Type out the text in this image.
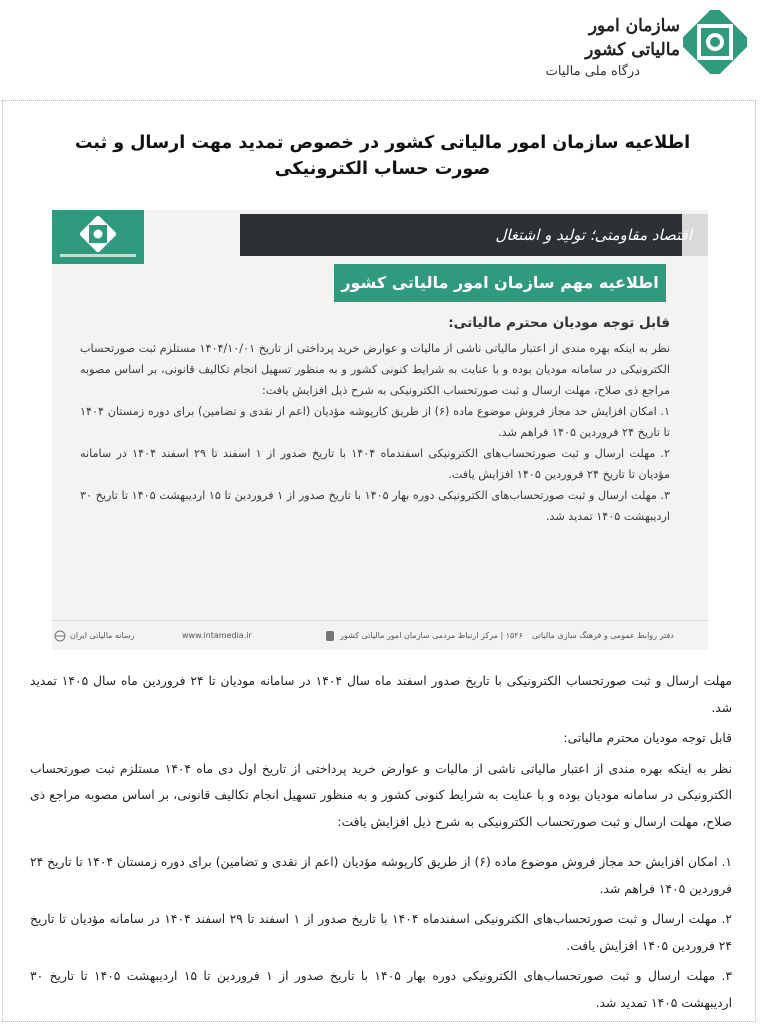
سازمان امور مالیاتی کشور
درگاه ملی مالیات
اطلاعیه سازمان امور مالیاتی کشور در خصوص تمدید مهت ارسال و ثبت صورت حساب الکترونیکی
اقتصاد مقاومتی؛ تولید و اشتغال
اطلاعیه مهم سازمان امور مالیاتی کشور
قابل توجه مودیان محترم مالیاتی:

نظر به اینکه بهره مندی از اعتبار مالیاتی ناشی از مالیات و عوارض خرید پرداختی از تاریخ ۱۴۰۴/۱۰/۰۱ مستلزم ثبت صورتحساب الکترونیکی در سامانه مودیان بوده و با عنایت به شرایط کنونی کشور و به منظور تسهیل انجام تکالیف قانونی، بر اساس مصوبه مراجع ذی صلاح، مهلت ارسال و ثبت صورتحساب الکترونیکی به شرح ذیل افزایش یافت:

۱. امکان افزایش حد مجاز فروش موضوع ماده (۶) از طریق کارپوشه مؤدیان (اعم از نقدی و تضامین) برای دوره زمستان ۱۴۰۴ تا تاریخ ۲۴ فروردین ۱۴۰۵ فراهم شد.

۲. مهلت ارسال و ثبت صورتحساب‌های الکترونیکی اسفندماه ۱۴۰۴ با تاریخ صدور از ۱ اسفند تا ۲۹ اسفند ۱۴۰۴ در سامانه مؤدیان تا تاریخ ۲۴ فروردین ۱۴۰۵ افزایش یافت.

۳. مهلت ارسال و ثبت صورتحساب‌های الکترونیکی دوره بهار ۱۴۰۵ با تاریخ صدور از ۱ فروردین تا ۱۵ اردیبهشت ۱۴۰۵ تا تاریخ ۳۰ اردیبهشت ۱۴۰۵ تمدید شد.

رسانه مالیاتی ایران	www.intamedia.ir	۱۵۲۶ | مرکز ارتباط مردمی سازمان امور مالیاتی کشور دفتر روابط عمومی و فرهنگ سازی مالیاتی

مهلت ارسال و ثبت صورتحساب الکترونیکی با تاریخ صدور اسفند ماه سال ۱۴۰۴ در سامانه مودیان تا ۲۴ فروردین ماه سال ۱۴۰۵ تمدید شد.

قابل توجه مودیان محترم مالیاتی:

نظر به اینکه بهره مندی از اعتبار مالیاتی ناشی از مالیات و عوارض خرید پرداختی از تاریخ اول دی ماه ۱۴۰۴ مستلزم ثبت صورتحساب الکترونیکی در سامانه مودیان بوده و با عنایت به شرایط کنونی کشور و به منظور تسهیل انجام تکالیف قانونی، بر اساس مصوبه مراجع ذی صلاح، مهلت ارسال و ثبت صورتحساب الکترونیکی به شرح ذیل افزایش یافت:

۱. امکان افزایش حد مجاز فروش موضوع ماده (۶) از طریق کارپوشه مؤدیان (اعم از نقدی و تضامین) برای دوره زمستان ۱۴۰۴ تا تاریخ ۲۴ فروردین ۱۴۰۵ فراهم شد.

۲. مهلت ارسال و ثبت صورتحساب‌های الکترونیکی اسفندماه ۱۴۰۴ با تاریخ صدور از ۱ اسفند تا ۲۹ اسفند ۱۴۰۴ در سامانه مؤدیان تا تاریخ ۲۴ فروردین ۱۴۰۵ افزایش یافت.

۳. مهلت ارسال و ثبت صورتحساب‌های الکترونیکی دوره بهار ۱۴۰۵ با تاریخ صدور از ۱ فروردین تا ۱۵ اردیبهشت ۱۴۰۵ تا تاریخ ۳۰ اردیبهشت ۱۴۰۵ تمدید شد.
